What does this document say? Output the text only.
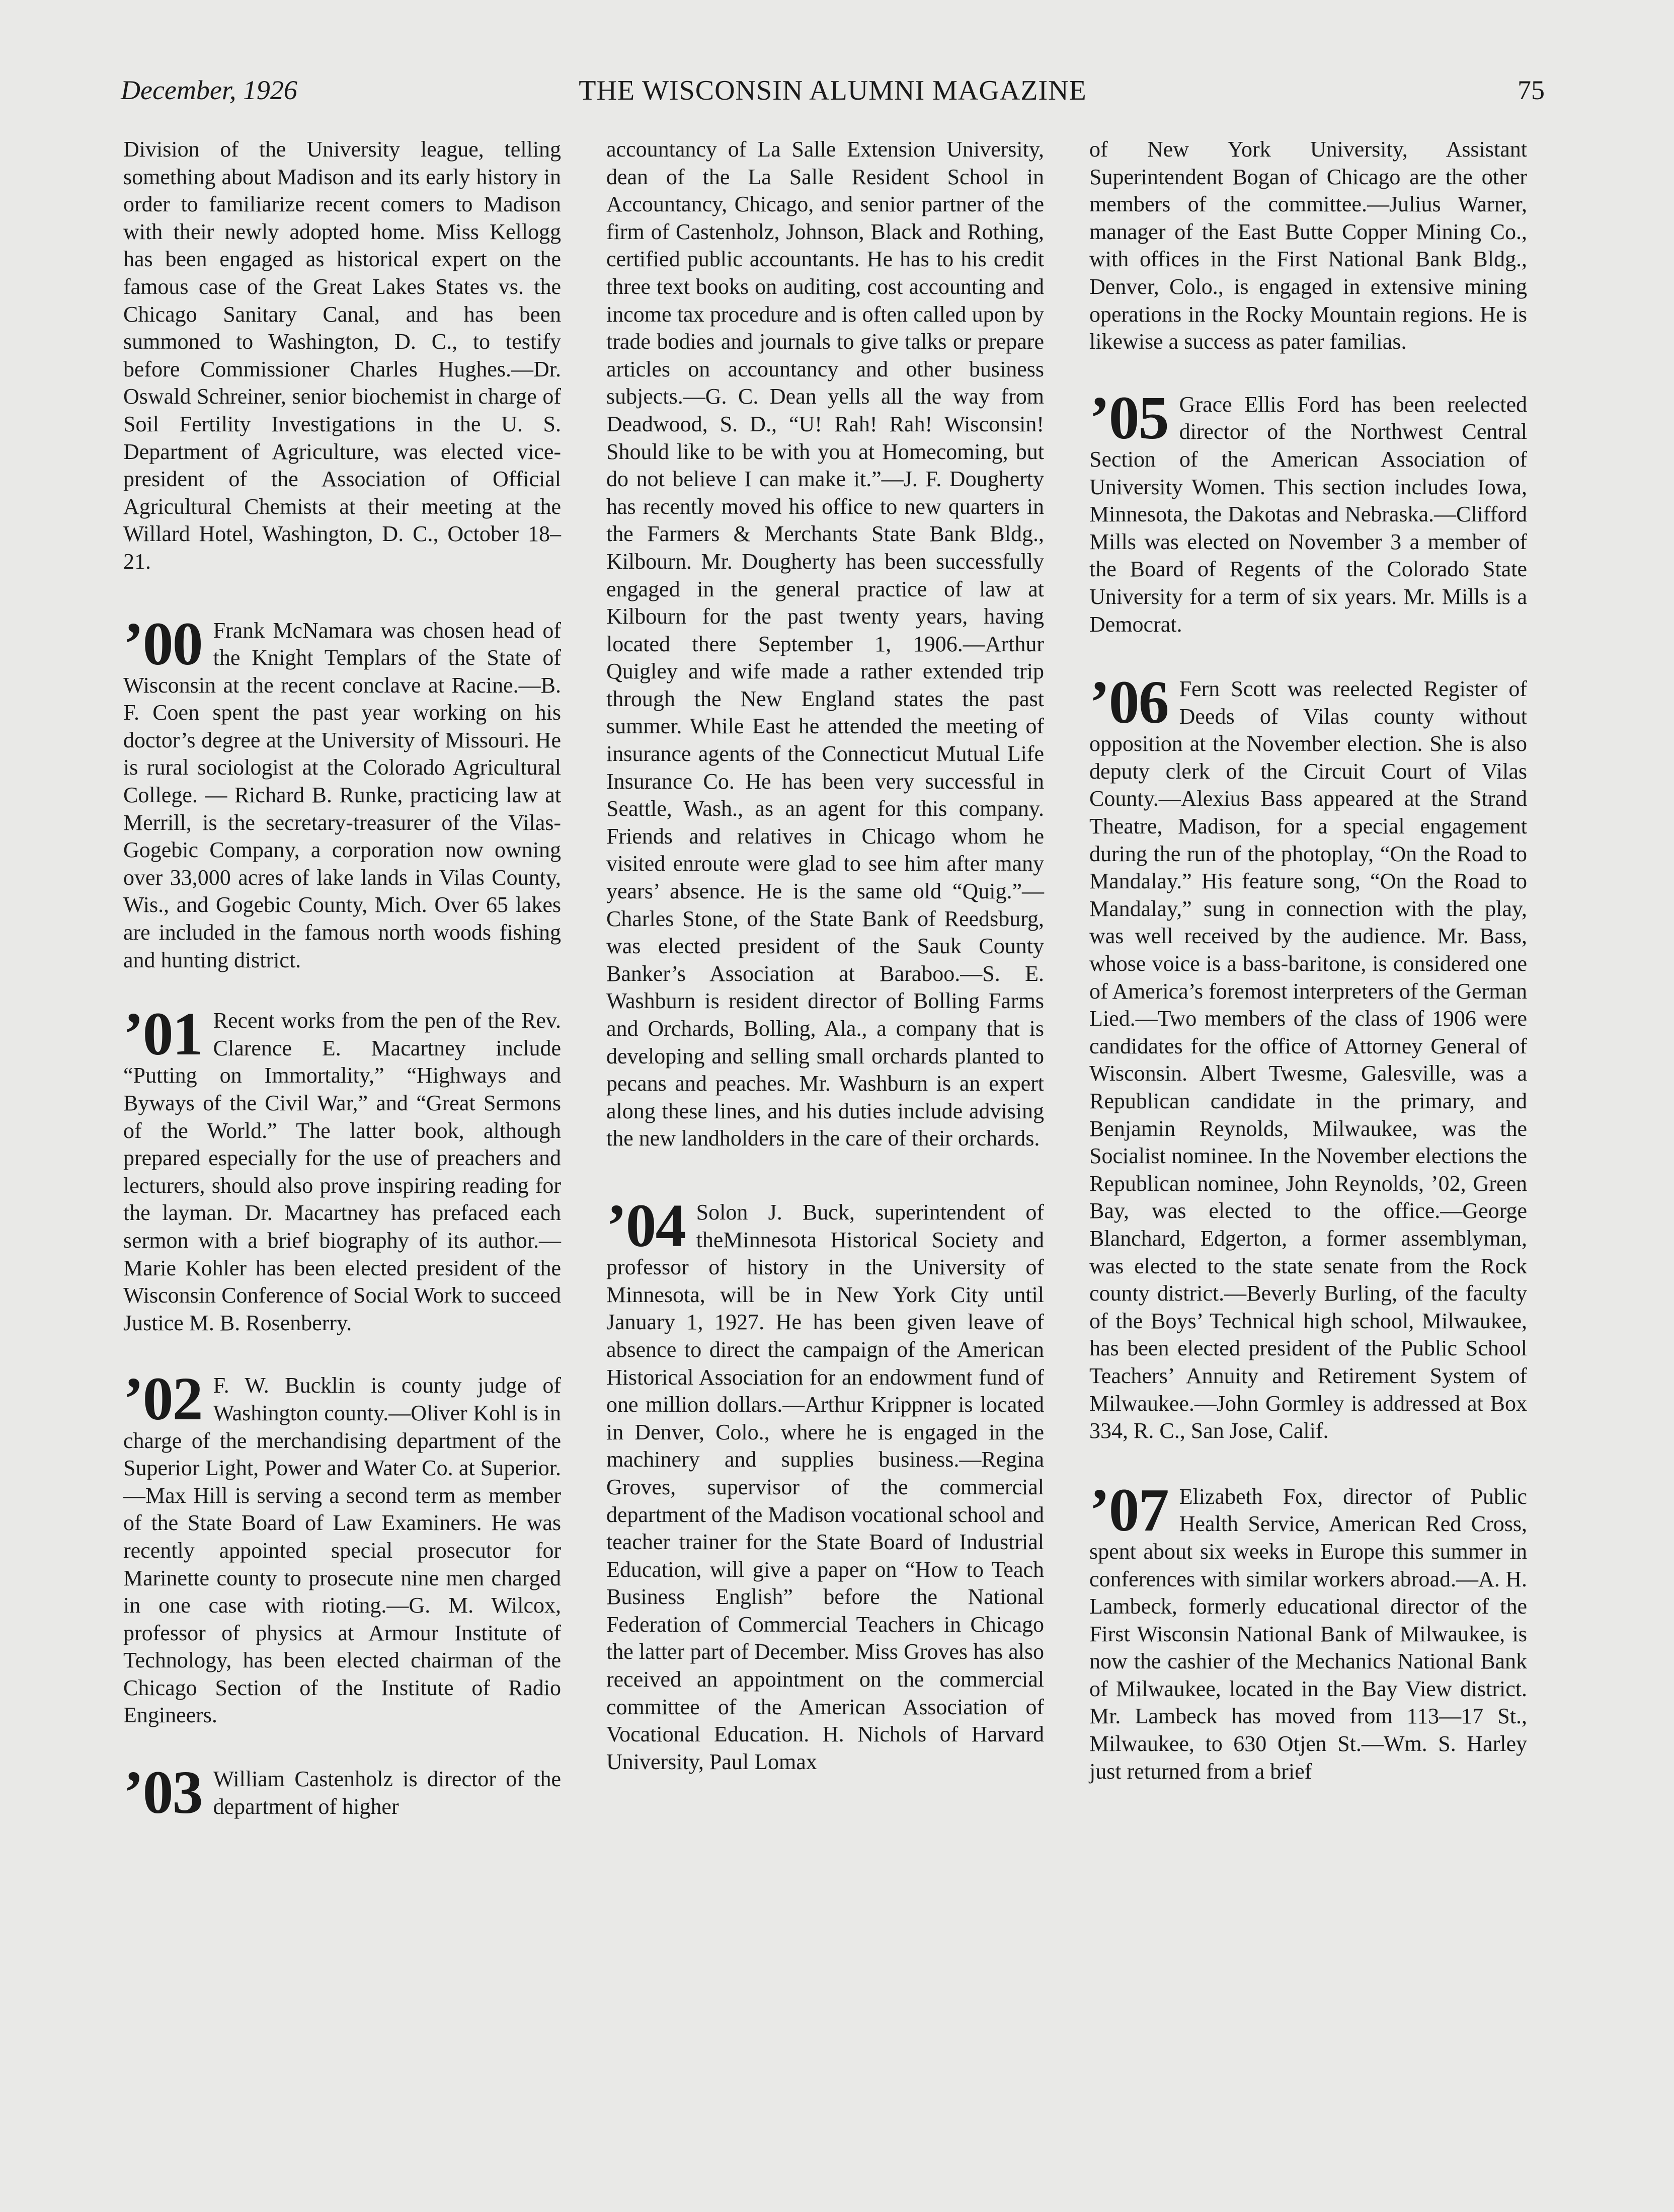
December, 1926	THE WISCONSIN ALUMNI MAGAZINE	75

Division of the University league, telling something about Madison and its early history in order to familiarize recent comers to Madison with their newly adopted home. Miss Kellogg has been engaged as historical expert on the famous case of the Great Lakes States vs. the Chicago Sanitary Canal, and has been summoned to Washington, D. C., to testify before Commissioner Charles Hughes.—Dr. Oswald Schreiner, senior biochemist in charge of Soil Fertility Investigations in the U. S. Department of Agriculture, was elected vice-president of the Association of Official Agricultural Chemists at their meeting at the Willard Hotel, Washington, D. C., October 18–21.

’00 Frank McNamara was chosen head of the Knight Templars of the State of Wisconsin at the recent conclave at Racine.—B. F. Coen spent the past year working on his doctor’s degree at the University of Missouri. He is rural sociologist at the Colorado Agricultural College. — Richard B. Runke, practicing law at Merrill, is the secretary-treasurer of the Vilas-Gogebic Company, a corporation now owning over 33,000 acres of lake lands in Vilas County, Wis., and Gogebic County, Mich. Over 65 lakes are included in the famous north woods fishing and hunting district.

’01 Recent works from the pen of the Rev. Clarence E. Macartney include “Putting on Immortality,” “Highways and Byways of the Civil War,” and “Great Sermons of the World.” The latter book, although prepared especially for the use of preachers and lecturers, should also prove inspiring reading for the layman. Dr. Macartney has prefaced each sermon with a brief biography of its author.—Marie Kohler has been elected president of the Wisconsin Conference of Social Work to succeed Justice M. B. Rosenberry.

’02 F. W. Bucklin is county judge of Washington county.—Oliver Kohl is in charge of the merchandising department of the Superior Light, Power and Water Co. at Superior.—Max Hill is serving a second term as member of the State Board of Law Examiners. He was recently appointed special prosecutor for Marinette county to prosecute nine men charged in one case with rioting.—G. M. Wilcox, professor of physics at Armour Institute of Technology, has been elected chairman of the Chicago Section of the Institute of Radio Engineers.

’03 William Castenholz is director of the department of higher

accountancy of La Salle Extension University, dean of the La Salle Resident School in Accountancy, Chicago, and senior partner of the firm of Castenholz, Johnson, Black and Rothing, certified public accountants. He has to his credit three text books on auditing, cost accounting and income tax procedure and is often called upon by trade bodies and journals to give talks or prepare articles on accountancy and other business subjects.—G. C. Dean yells all the way from Deadwood, S. D., “U! Rah! Rah! Wisconsin! Should like to be with you at Homecoming, but do not believe I can make it.”—J. F. Dougherty has recently moved his office to new quarters in the Farmers & Merchants State Bank Bldg., Kilbourn. Mr. Dougherty has been successfully engaged in the general practice of law at Kilbourn for the past twenty years, having located there September 1, 1906.—Arthur Quigley and wife made a rather extended trip through the New England states the past summer. While East he attended the meeting of insurance agents of the Connecticut Mutual Life Insurance Co. He has been very successful in Seattle, Wash., as an agent for this company. Friends and relatives in Chicago whom he visited enroute were glad to see him after many years’ absence. He is the same old “Quig.”—Charles Stone, of the State Bank of Reedsburg, was elected president of the Sauk County Banker’s Association at Baraboo.—S. E. Washburn is resident director of Bolling Farms and Orchards, Bolling, Ala., a company that is developing and selling small orchards planted to pecans and peaches. Mr. Washburn is an expert along these lines, and his duties include advising the new landholders in the care of their orchards.

’04 Solon J. Buck, superintendent of theMinnesota Historical Society and professor of history in the University of Minnesota, will be in New York City until January 1, 1927. He has been given leave of absence to direct the campaign of the American Historical Association for an endowment fund of one million dollars.—Arthur Krippner is located in Denver, Colo., where he is engaged in the machinery and supplies business.—Regina Groves, supervisor of the commercial department of the Madison vocational school and teacher trainer for the State Board of Industrial Education, will give a paper on “How to Teach Business English” before the National Federation of Commercial Teachers in Chicago the latter part of December. Miss Groves has also received an appointment on the commercial committee of the American Association of Vocational Education. H. Nichols of Harvard University, Paul Lomax

of New York University, Assistant Superintendent Bogan of Chicago are the other members of the committee.—Julius Warner, manager of the East Butte Copper Mining Co., with offices in the First National Bank Bldg., Denver, Colo., is engaged in extensive mining operations in the Rocky Mountain regions. He is likewise a success as pater familias.

’05 Grace Ellis Ford has been reelected director of the Northwest Central Section of the American Association of University Women. This section includes Iowa, Minnesota, the Dakotas and Nebraska.—Clifford Mills was elected on November 3 a member of the Board of Regents of the Colorado State University for a term of six years. Mr. Mills is a Democrat.

’06 Fern Scott was reelected Register of Deeds of Vilas county without opposition at the November election. She is also deputy clerk of the Circuit Court of Vilas County.—Alexius Bass appeared at the Strand Theatre, Madison, for a special engagement during the run of the photoplay, “On the Road to Mandalay.” His feature song, “On the Road to Mandalay,” sung in connection with the play, was well received by the audience. Mr. Bass, whose voice is a bass-baritone, is considered one of America’s foremost interpreters of the German Lied.—Two members of the class of 1906 were candidates for the office of Attorney General of Wisconsin. Albert Twesme, Galesville, was a Republican candidate in the primary, and Benjamin Reynolds, Milwaukee, was the Socialist nominee. In the November elections the Republican nominee, John Reynolds, ’02, Green Bay, was elected to the office.—George Blanchard, Edgerton, a former assemblyman, was elected to the state senate from the Rock county district.—Beverly Burling, of the faculty of the Boys’ Technical high school, Milwaukee, has been elected president of the Public School Teachers’ Annuity and Retirement System of Milwaukee.—John Gormley is addressed at Box 334, R. C., San Jose, Calif.

’07 Elizabeth Fox, director of Public Health Service, American Red Cross, spent about six weeks in Europe this summer in conferences with similar workers abroad.—A. H. Lambeck, formerly educational director of the First Wisconsin National Bank of Milwaukee, is now the cashier of the Mechanics National Bank of Milwaukee, located in the Bay View district. Mr. Lambeck has moved from 113—17 St., Milwaukee, to 630 Otjen St.—Wm. S. Harley just returned from a brief
